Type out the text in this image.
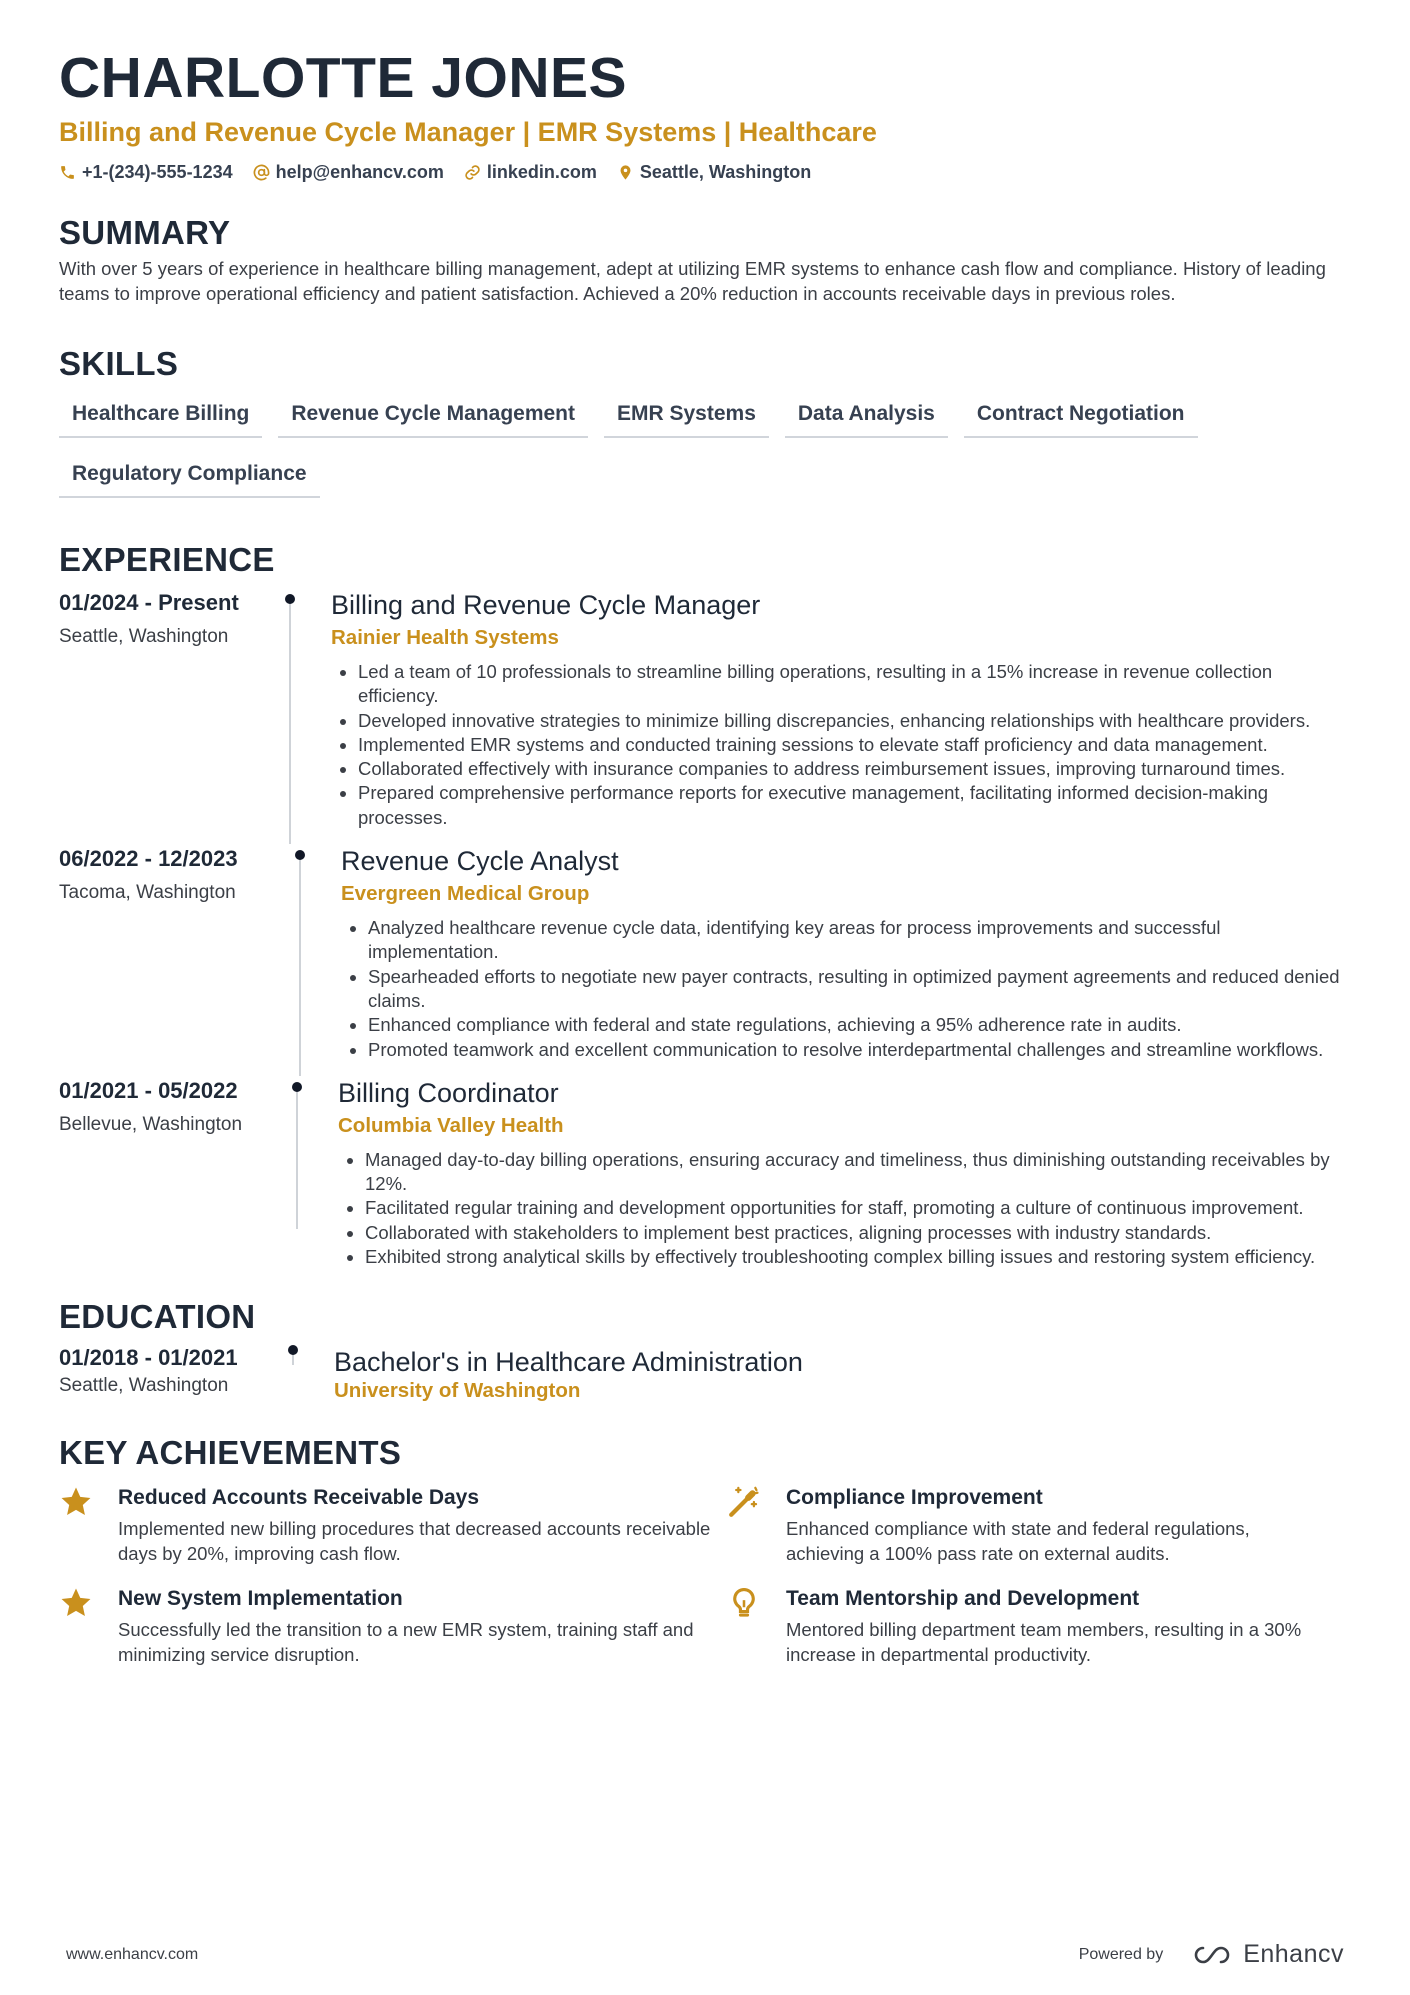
CHARLOTTE JONES
Billing and Revenue Cycle Manager | EMR Systems | Healthcare
+1-(234)-555-1234 help@enhancv.com linkedin.com Seattle, Washington
SUMMARY
With over 5 years of experience in healthcare billing management, adept at utilizing EMR systems to enhance cash flow and compliance. History of leading teams to improve operational efficiency and patient satisfaction. Achieved a 20% reduction in accounts receivable days in previous roles.
SKILLS
Healthcare Billing	Revenue Cycle Management	EMR Systems	Data Analysis	Contract Negotiation
Regulatory Compliance
EXPERIENCE
01/2024 - Present
Seattle, Washington
Billing and Revenue Cycle Manager
Rainier Health Systems
• Led a team of 10 professionals to streamline billing operations, resulting in a 15% increase in revenue collection efficiency.
• Developed innovative strategies to minimize billing discrepancies, enhancing relationships with healthcare providers.
• Implemented EMR systems and conducted training sessions to elevate staff proficiency and data management.
• Collaborated effectively with insurance companies to address reimbursement issues, improving turnaround times.
• Prepared comprehensive performance reports for executive management, facilitating informed decision-making processes.
06/2022 - 12/2023
Tacoma, Washington
Revenue Cycle Analyst
Evergreen Medical Group
• Analyzed healthcare revenue cycle data, identifying key areas for process improvements and successful implementation.
• Spearheaded efforts to negotiate new payer contracts, resulting in optimized payment agreements and reduced denied claims.
• Enhanced compliance with federal and state regulations, achieving a 95% adherence rate in audits.
• Promoted teamwork and excellent communication to resolve interdepartmental challenges and streamline workflows.
01/2021 - 05/2022
Bellevue, Washington
Billing Coordinator
Columbia Valley Health
• Managed day-to-day billing operations, ensuring accuracy and timeliness, thus diminishing outstanding receivables by 12%.
• Facilitated regular training and development opportunities for staff, promoting a culture of continuous improvement.
• Collaborated with stakeholders to implement best practices, aligning processes with industry standards.
• Exhibited strong analytical skills by effectively troubleshooting complex billing issues and restoring system efficiency.
EDUCATION
01/2018 - 01/2021
Seattle, Washington
Bachelor's in Healthcare Administration
University of Washington
KEY ACHIEVEMENTS
Reduced Accounts Receivable Days
Implemented new billing procedures that decreased accounts receivable days by 20%, improving cash flow.
Compliance Improvement
Enhanced compliance with state and federal regulations, achieving a 100% pass rate on external audits.
New System Implementation
Successfully led the transition to a new EMR system, training staff and minimizing service disruption.
Team Mentorship and Development
Mentored billing department team members, resulting in a 30% increase in departmental productivity.
www.enhancv.com	Powered by	Enhancv
